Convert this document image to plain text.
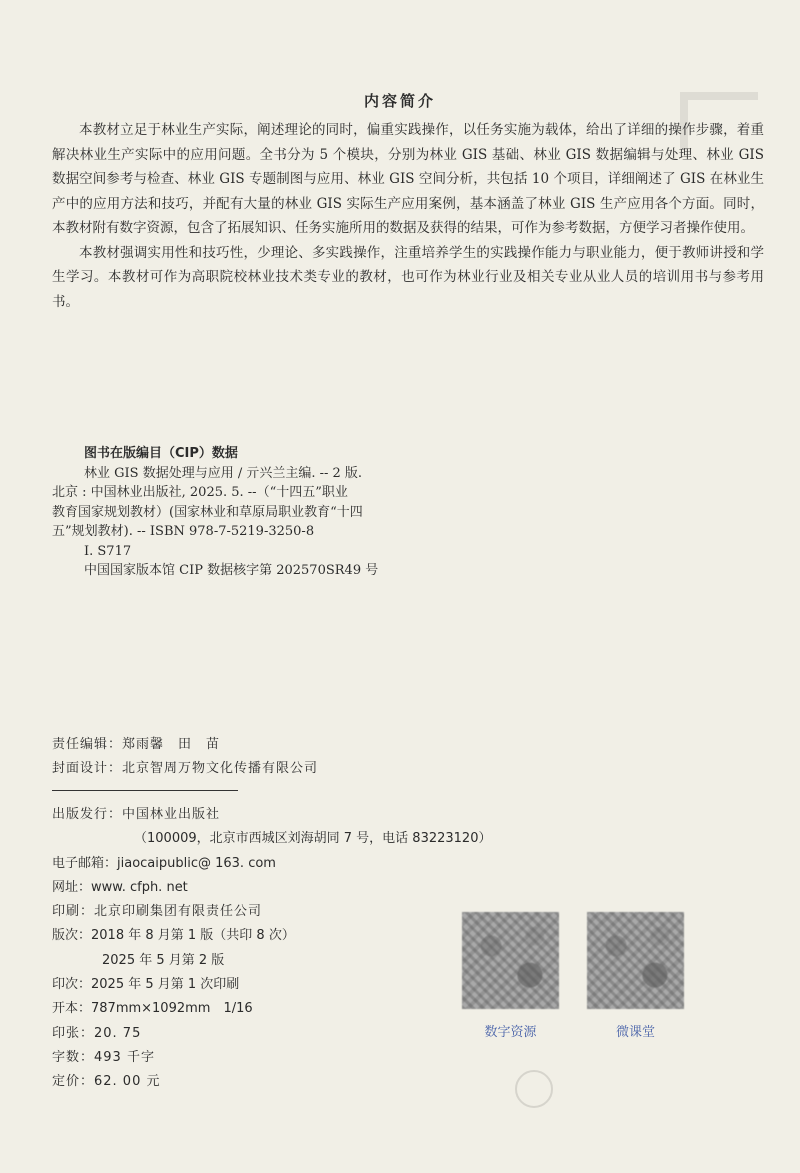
内容简介

本教材立足于林业生产实际，阐述理论的同时，偏重实践操作，以任务实施为载体，给出了详细的操作步骤，着重解决林业生产实际中的应用问题。全书分为 5 个模块，分别为林业 GIS 基础、林业 GIS 数据编辑与处理、林业 GIS 数据空间参考与检查、林业 GIS 专题制图与应用、林业 GIS 空间分析，共包括 10 个项目，详细阐述了 GIS 在林业生产中的应用方法和技巧，并配有大量的林业 GIS 实际生产应用案例，基本涵盖了林业 GIS 生产应用各个方面。同时，本教材附有数字资源，包含了拓展知识、任务实施所用的数据及获得的结果，可作为参考数据，方便学习者操作使用。

本教材强调实用性和技巧性，少理论、多实践操作，注重培养学生的实践操作能力与职业能力，便于教师讲授和学生学习。本教材可作为高职院校林业技术类专业的教材，也可作为林业行业及相关专业从业人员的培训用书与参考用书。

图书在版编目（CIP）数据
林业 GIS 数据处理与应用 / 亓兴兰主编. -- 2 版.
北京 : 中国林业出版社, 2025. 5. --（“十四五”职业
教育国家规划教材）(国家林业和草原局职业教育“十四
五”规划教材). -- ISBN 978-7-5219-3250-8
Ⅰ. S717
中国国家版本馆 CIP 数据核字第 202570SR49 号
责任编辑：郑雨馨　田　苗
封面设计：北京智周万物文化传播有限公司
出版发行：中国林业出版社
（100009，北京市西城区刘海胡同 7 号，电话 83223120）
电子邮箱：jiaocaipublic@ 163. com
网址：www. cfph. net
印刷：北京印刷集团有限责任公司
版次：2018 年 8 月第 1 版（共印 8 次）
2025 年 5 月第 2 版
印次：2025 年 5 月第 1 次印刷
开本：787mm×1092mm　1/16
印张：20. 75
字数：493 千字
定价：62. 00 元
数字资源	微课堂
